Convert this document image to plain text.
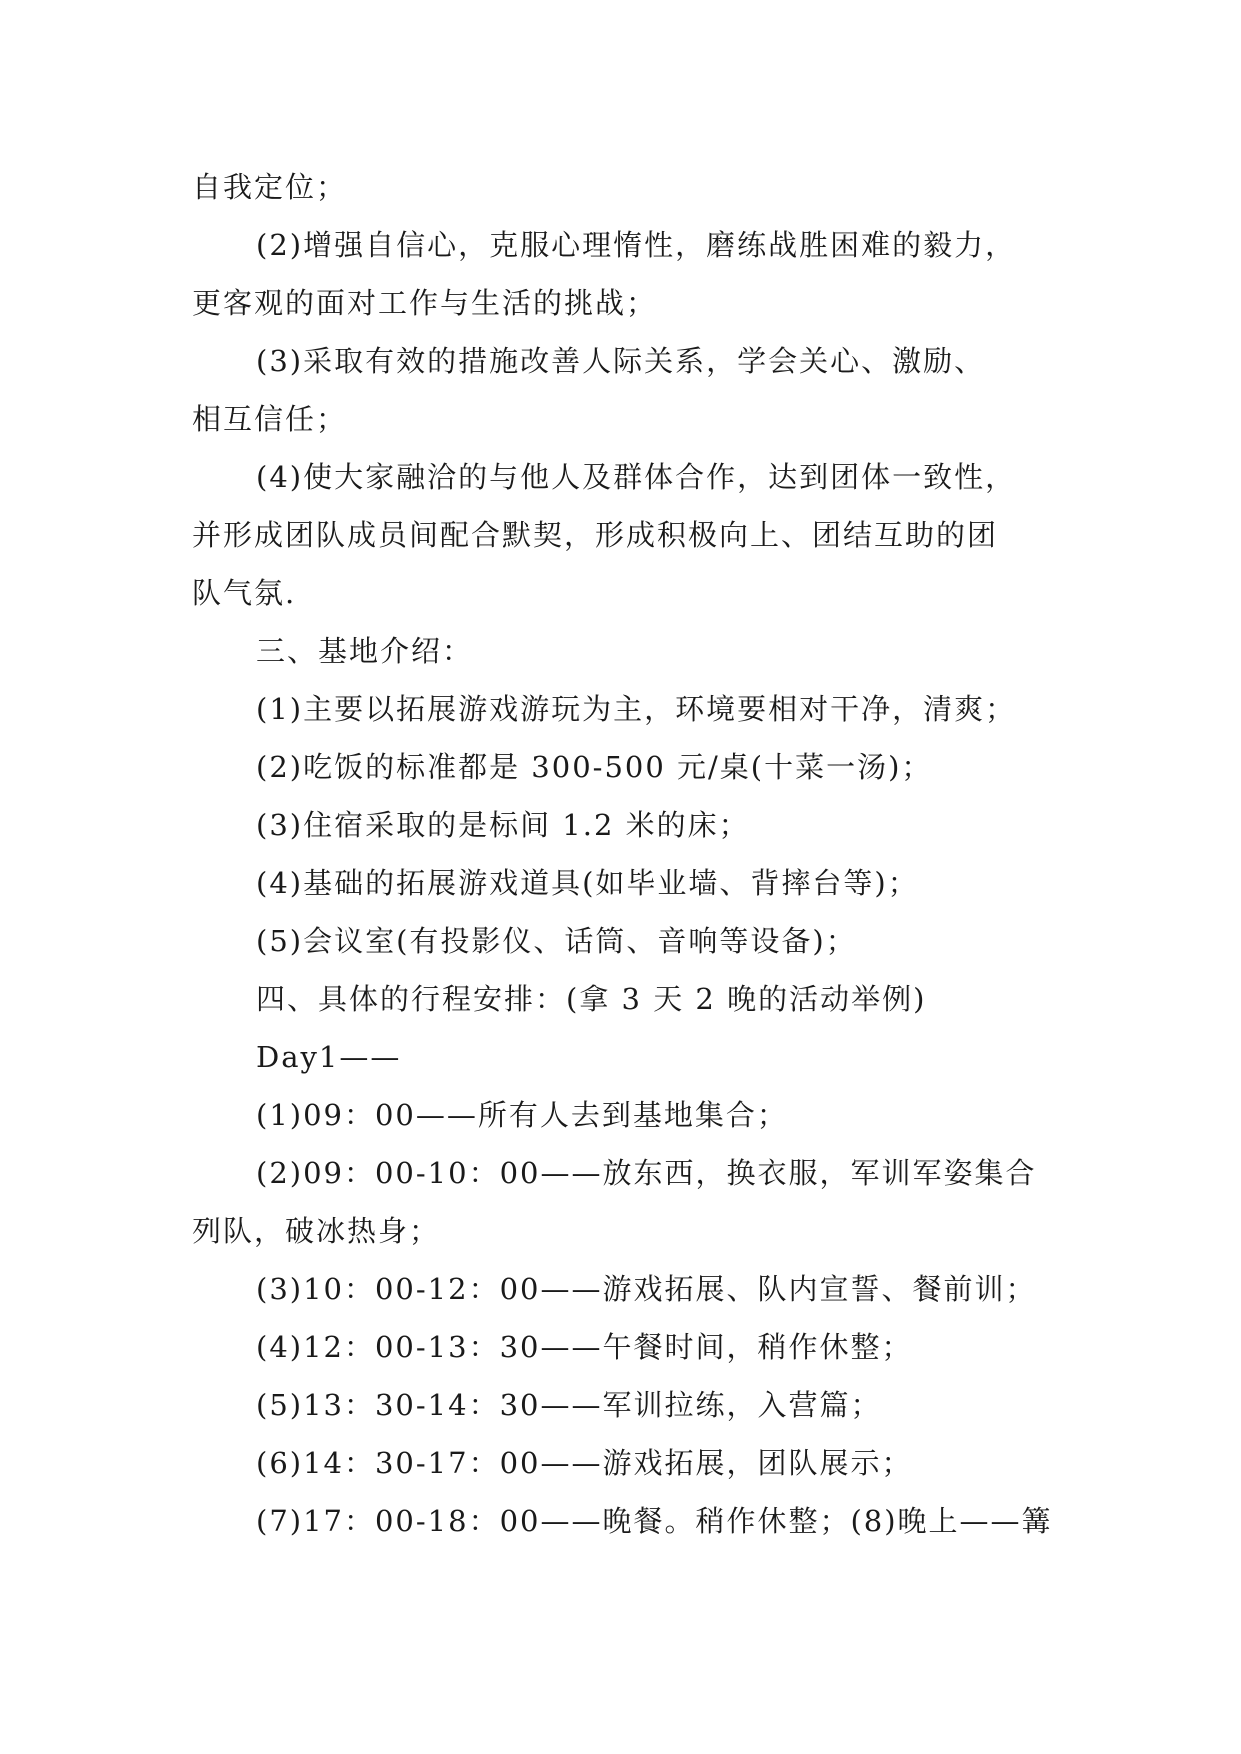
自我定位；
(2)增强自信心，克服心理惰性，磨练战胜困难的毅力，
更客观的面对工作与生活的挑战；
(3)采取有效的措施改善人际关系，学会关心、激励、
相互信任；
(4)使大家融洽的与他人及群体合作，达到团体一致性，
并形成团队成员间配合默契，形成积极向上、团结互助的团
队气氛.
三、基地介绍：
(1)主要以拓展游戏游玩为主，环境要相对干净，清爽；
(2)吃饭的标准都是 300-500 元/桌(十菜一汤)；
(3)住宿采取的是标间 1.2 米的床；
(4)基础的拓展游戏道具(如毕业墙、背摔台等)；
(5)会议室(有投影仪、话筒、音响等设备)；
四、具体的行程安排：(拿 3 天 2 晚的活动举例)
Day1——
(1)09：00——所有人去到基地集合；
(2)09：00-10：00——放东西，换衣服，军训军姿集合
列队，破冰热身；
(3)10：00-12：00——游戏拓展、队内宣誓、餐前训；
(4)12：00-13：30——午餐时间，稍作休整；
(5)13：30-14：30——军训拉练，入营篇；
(6)14：30-17：00——游戏拓展，团队展示；
(7)17：00-18：00——晚餐。稍作休整；(8)晚上——篝
